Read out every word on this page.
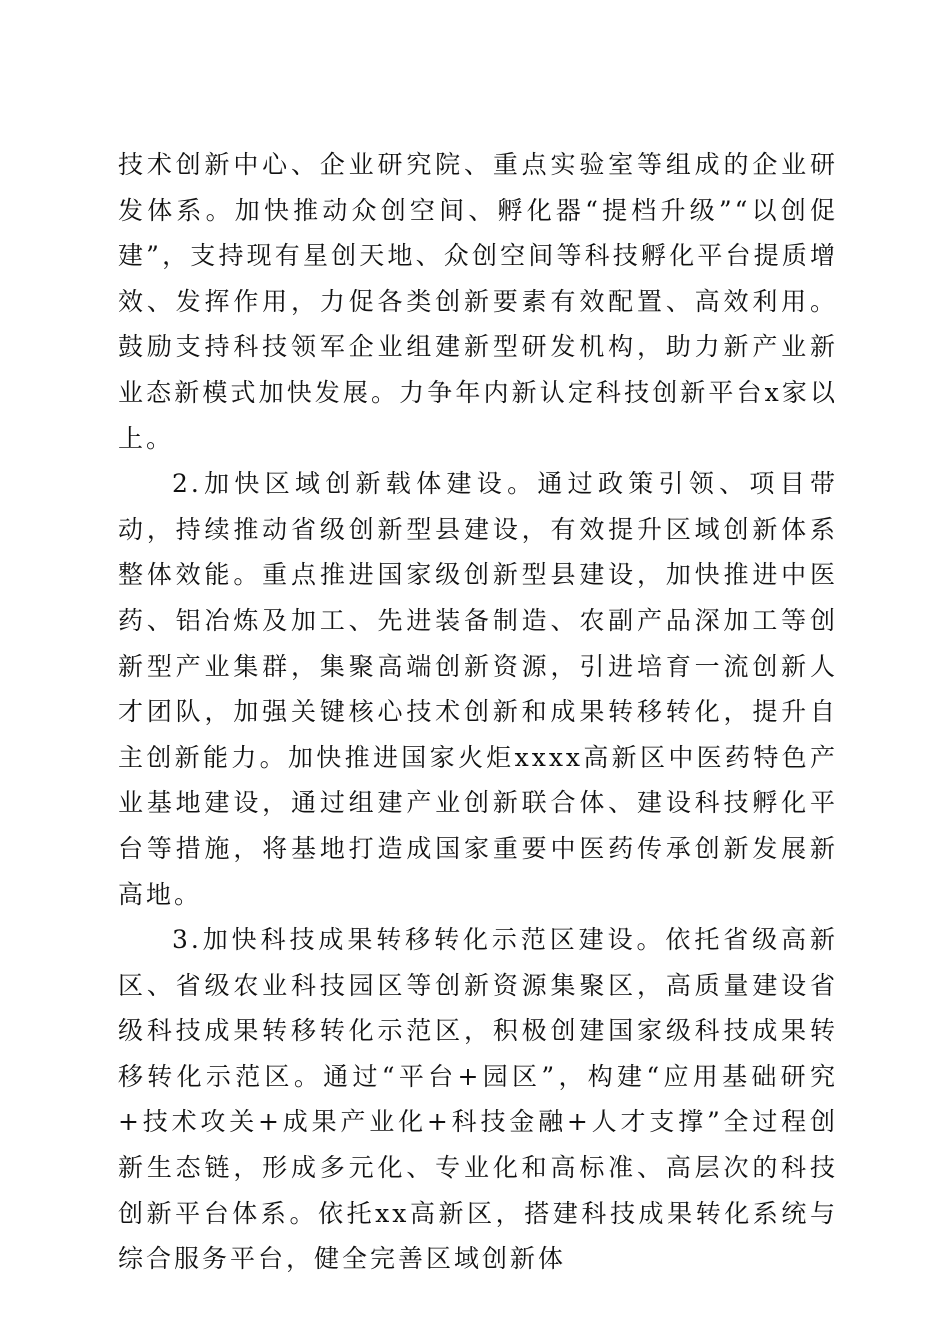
技术创新中心、企业研究院、重点实验室等组成的企业研发体系。加快推动众创空间、孵化器“提档升级”“以创促建”，支持现有星创天地、众创空间等科技孵化平台提质增效、发挥作用，力促各类创新要素有效配置、高效利用。鼓励支持科技领军企业组建新型研发机构，助力新产业新业态新模式加快发展。力争年内新认定科技创新平台x家以上。

2.加快区域创新载体建设。通过政策引领、项目带动，持续推动省级创新型县建设，有效提升区域创新体系整体效能。重点推进国家级创新型县建设，加快推进中医药、铝冶炼及加工、先进装备制造、农副产品深加工等创新型产业集群，集聚高端创新资源，引进培育一流创新人才团队，加强关键核心技术创新和成果转移转化，提升自主创新能力。加快推进国家火炬xxxx高新区中医药特色产业基地建设，通过组建产业创新联合体、建设科技孵化平台等措施，将基地打造成国家重要中医药传承创新发展新高地。

3.加快科技成果转移转化示范区建设。依托省级高新区、省级农业科技园区等创新资源集聚区，高质量建设省级科技成果转移转化示范区，积极创建国家级科技成果转移转化示范区。通过“平台+园区”，构建“应用基础研究+技术攻关+成果产业化+科技金融+人才支撑”全过程创新生态链，形成多元化、专业化和高标准、高层次的科技创新平台体系。依托xx高新区，搭建科技成果转化系统与综合服务平台，健全完善区域创新体
